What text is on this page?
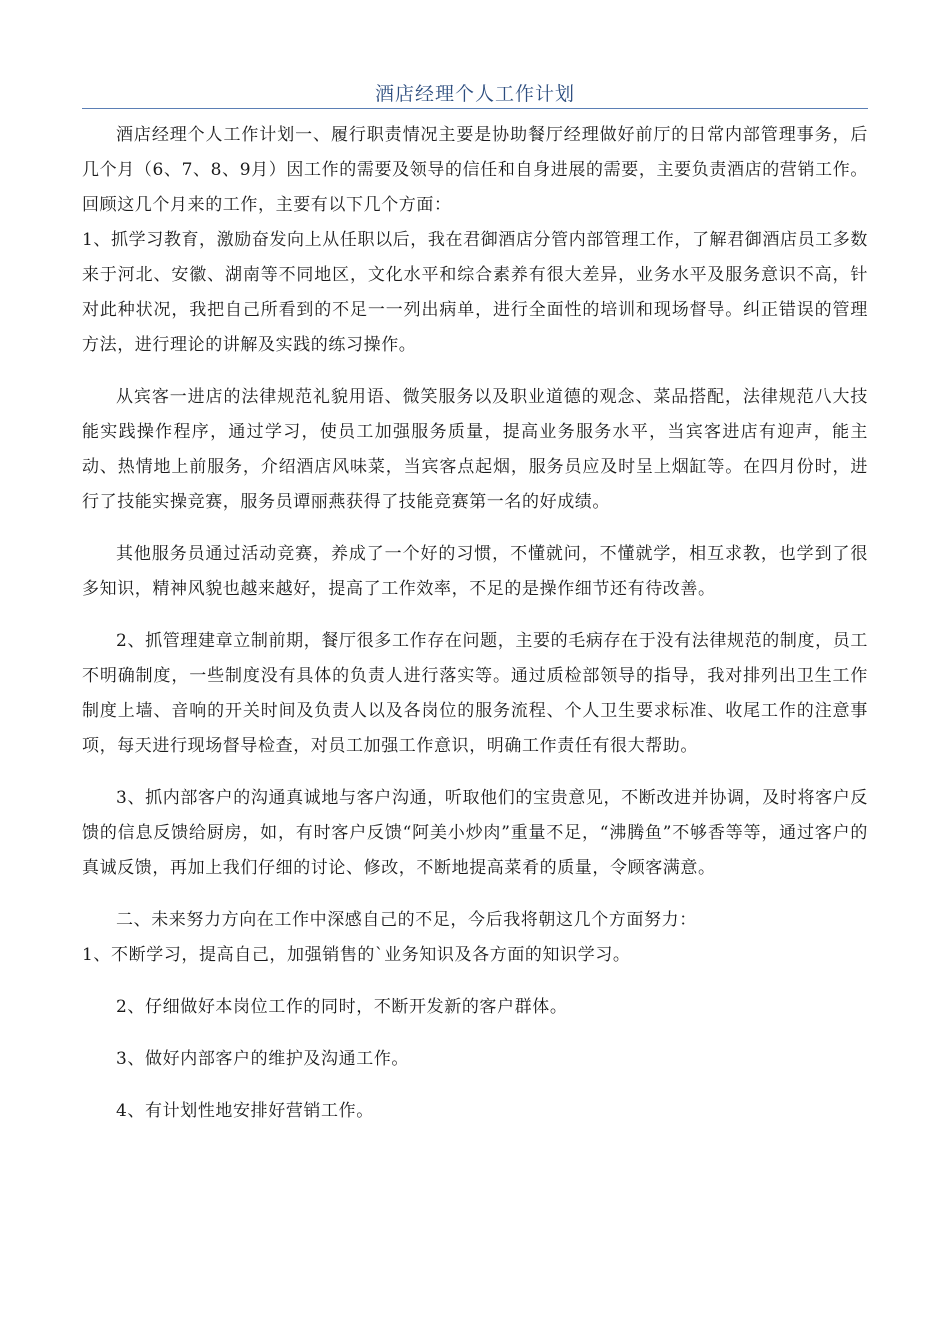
酒店经理个人工作计划

酒店经理个人工作计划一、履行职责情况主要是协助餐厅经理做好前厅的日常内部管理事务，后几个月（6、7、8、9月）因工作的需要及领导的信任和自身进展的需要，主要负责酒店的营销工作。回顾这几个月来的工作，主要有以下几个方面：

1、抓学习教育，激励奋发向上从任职以后，我在君御酒店分管内部管理工作，了解君御酒店员工多数来于河北、安徽、湖南等不同地区，文化水平和综合素养有很大差异，业务水平及服务意识不高，针对此种状况，我把自己所看到的不足一一列出病单，进行全面性的培训和现场督导。纠正错误的管理方法，进行理论的讲解及实践的练习操作。

从宾客一进店的法律规范礼貌用语、微笑服务以及职业道德的观念、菜品搭配，法律规范八大技能实践操作程序，通过学习，使员工加强服务质量，提高业务服务水平，当宾客进店有迎声，能主动、热情地上前服务，介绍酒店风味菜，当宾客点起烟，服务员应及时呈上烟缸等。在四月份时，进行了技能实操竞赛，服务员谭丽燕获得了技能竞赛第一名的好成绩。

其他服务员通过活动竞赛，养成了一个好的习惯，不懂就问，不懂就学，相互求教，也学到了很多知识，精神风貌也越来越好，提高了工作效率，不足的是操作细节还有待改善。

2、抓管理建章立制前期，餐厅很多工作存在问题，主要的毛病存在于没有法律规范的制度，员工不明确制度，一些制度没有具体的负责人进行落实等。通过质检部领导的指导，我对排列出卫生工作制度上墙、音响的开关时间及负责人以及各岗位的服务流程、个人卫生要求标准、收尾工作的注意事项，每天进行现场督导检查，对员工加强工作意识，明确工作责任有很大帮助。

3、抓内部客户的沟通真诚地与客户沟通，听取他们的宝贵意见，不断改进并协调，及时将客户反馈的信息反馈给厨房，如，有时客户反馈“阿美小炒肉”重量不足，“沸腾鱼”不够香等等，通过客户的真诚反馈，再加上我们仔细的讨论、修改，不断地提高菜肴的质量，令顾客满意。

二、未来努力方向在工作中深感自己的不足，今后我将朝这几个方面努力：

1、不断学习，提高自己，加强销售的`业务知识及各方面的知识学习。

2、仔细做好本岗位工作的同时，不断开发新的客户群体。

3、做好内部客户的维护及沟通工作。

4、有计划性地安排好营销工作。
